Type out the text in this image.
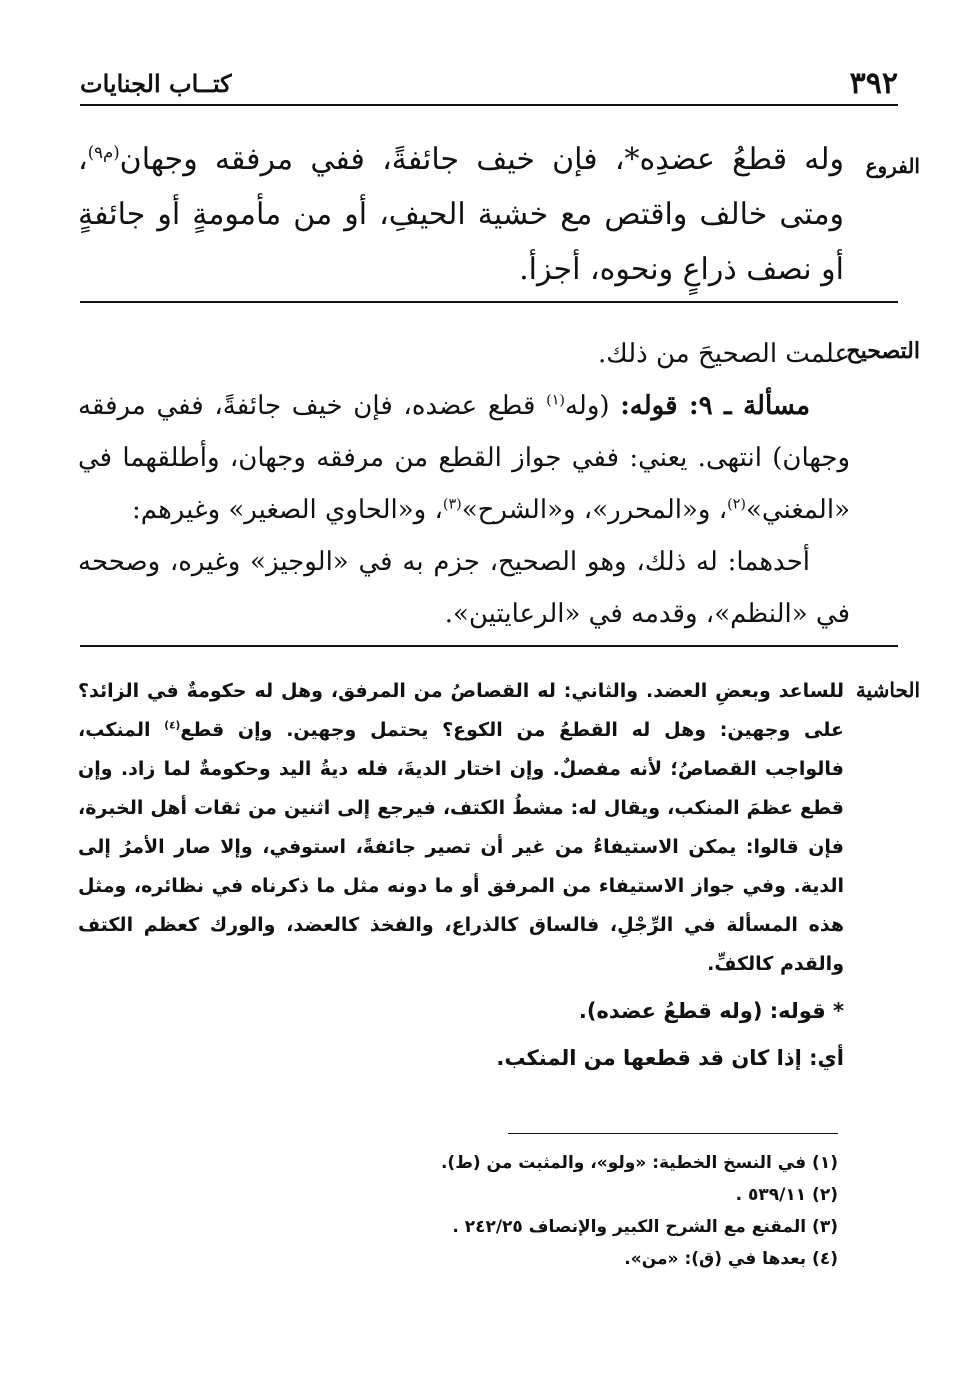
٣٩٢
كتــاب الجنايات
الفروع
وله قطعُ عضدِه*، فإن خيف جائفةً، ففي مرفقه وجهان$^{(م٩)}$، ومتى خالف واقتص مع خشية الحيفِ، أو من مأمومةٍ أو جائفةٍ أو نصف ذراعٍ ونحوه، أجزأ.
التصحيح

علمت الصحيحَ من ذلك.

مسألة ـ ٩: قوله: (وله$^{(١)}$ قطع عضده، فإن خيف جائفةً، ففي مرفقه وجهان) انتهى. يعني: ففي جواز القطع من مرفقه وجهان، وأطلقهما في «المغني»$^{(٢)}$، و«المحرر»، و«الشرح»$^{(٣)}$، و«الحاوي الصغير» وغيرهم:

أحدهما: له ذلك، وهو الصحيح، جزم به في «الوجيز» وغيره، وصححه في «النظم»، وقدمه في «الرعايتين».

الحاشية

للساعد وبعضِ العضد. والثاني: له القصاصُ من المرفق، وهل له حكومةٌ في الزائد؟ على وجهين: وهل له القطعُ من الكوع؟ يحتمل وجهين. وإن قطع$^{(٤)}$ المنكب، فالواجب القصاصُ؛ لأنه مفصلٌ. وإن اختار الديةَ، فله ديةُ اليد وحكومةٌ لما زاد. وإن قطع عظمَ المنكب، ويقال له: مشطُ الكتف، فيرجع إلى اثنين من ثقات أهل الخبرة، فإن قالوا: يمكن الاستيفاءُ من غير أن تصير جائفةً، استوفي، وإلا صار الأمرُ إلى الدية. وفي جواز الاستيفاء من المرفق أو ما دونه مثل ما ذكرناه في نظائره، ومثل هذه المسألة في الرِّجْلِ، فالساق كالذراع، والفخذ كالعضد، والورك كعظم الكتف والقدم كالكفِّ.

* قوله: (وله قطعُ عضده).

أي: إذا كان قد قطعها من المنكب.

(١) في النسخ الخطية: «ولو»، والمثبت من (ط).
(٢) ٥٣٩/١١ .
(٣) المقنع مع الشرح الكبير والإنصاف ٢٤٢/٢٥ .
(٤) بعدها في (ق): «من».
